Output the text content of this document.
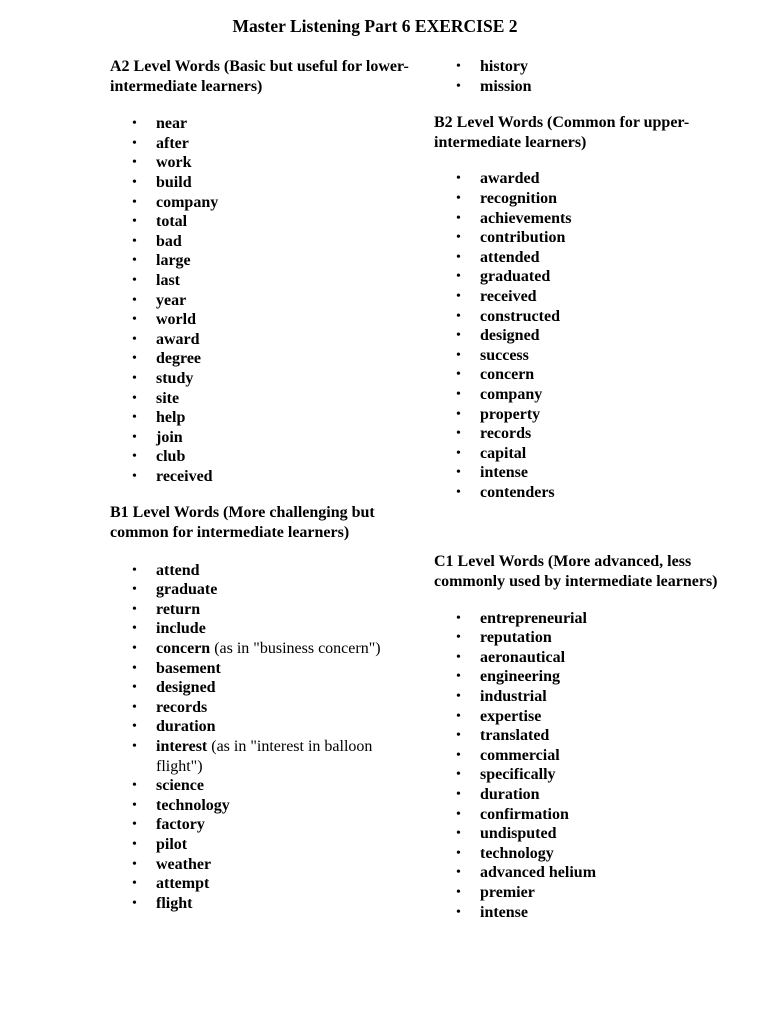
Master Listening Part 6 EXERCISE 2

A2 Level Words (Basic but useful for lower-intermediate learners)

• near
• after
• work
• build
• company
• total
• bad
• large
• last
• year
• world
• award
• degree
• study
• site
• help
• join
• club
• received

B1 Level Words (More challenging but common for intermediate learners)

• attend
• graduate
• return
• include
• concern (as in "business concern")
• basement
• designed
• records
• duration
• interest (as in "interest in balloon flight")
• science
• technology
• factory
• pilot
• weather
• attempt
• flight
• history
• mission

B2 Level Words (Common for upper-intermediate learners)

• awarded
• recognition
• achievements
• contribution
• attended
• graduated
• received
• constructed
• designed
• success
• concern
• company
• property
• records
• capital
• intense
• contenders

C1 Level Words (More advanced, less commonly used by intermediate learners)

• entrepreneurial
• reputation
• aeronautical
• engineering
• industrial
• expertise
• translated
• commercial
• specifically
• duration
• confirmation
• undisputed
• technology
• advanced helium
• premier
• intense
